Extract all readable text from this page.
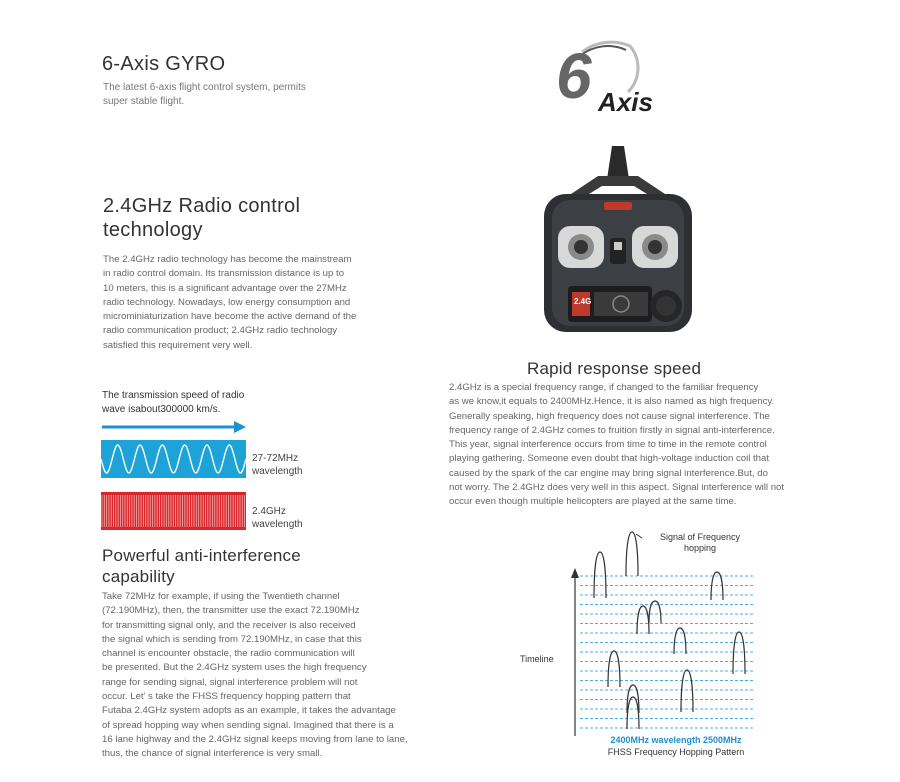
6-Axis GYRO
The latest 6-axis flight control system, permits
super stable flight.	6 Axis
2.4GHz Radio control
technology
The 2.4GHz radio technology has become the mainstream
in radio control domain. Its transmission distance is up to
10 meters, this is a significant advantage over the 27MHz
radio technology. Nowadays, low energy consumption and
microminiaturization have become the active demand of the
radio communication product; 2.4GHz radio technology
satisfied this requirement very well.
The transmission speed of radio
wave isabout300000 km/s.
27-72MHz
wavelength
2.4GHz
wavelength
Powerful anti-interference
capability
Take 72MHz for example, if using the Twentieth channel
(72.190MHz), then, the transmitter use the exact 72.190MHz
for transmitting signal only, and the receiver is also received
the signal which is sending from 72.190MHz, in case that this
channel is encounter obstacle, the radio communication will
be presented. But the 2.4GHz system uses the high frequency
range for sending signal, signal interference problem will not
occur. Let’ s take the FHSS frequency hopping pattern that
Futaba 2.4GHz system adopts as an example, it takes the advantage
of spread hopping way when sending signal. Imagined that there is a
16 lane highway and the 2.4GHz signal keeps moving from lane to lane,
thus, the chance of signal interference is very small.
2.4G
Rapid response speed
2.4GHz is a special frequency range, if changed to the familiar frequency
as we know,it equals to 2400MHz.Hence, it is also named as high frequency.
Generally speaking, high frequency does not cause signal interference. The
frequency range of 2.4GHz comes to fruition firstly in signal anti-interference.
This year, signal interference occurs from time to time in the remote control
playing gathering. Someone even doubt that high-voltage induction coil that
caused by the spark of the car engine may bring signal interference.But, do
not worry. The 2.4GHz does very well in this aspect. Signal interference will not
occur even though multiple helicopters are played at the same time.
Signal of Frequency
hopping
Timeline
2400MHz wavelength 2500MHz
FHSS Frequency Hopping Pattern
